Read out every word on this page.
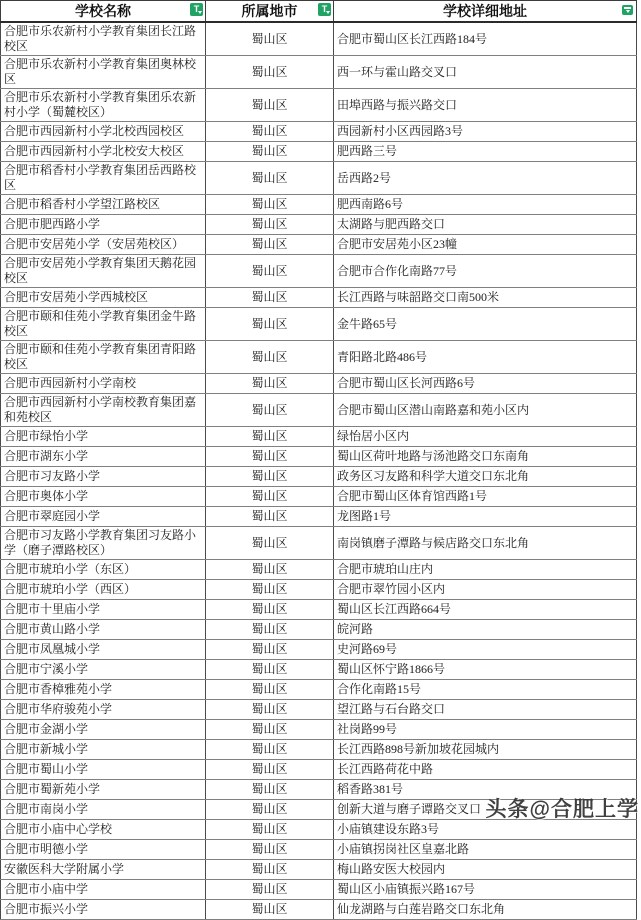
学校名称 T	所属地市 T	学校详细地址

合肥市乐农新村小学教育集团长江路校区	蜀山区	合肥市蜀山区长江西路184号	
合肥市乐农新村小学教育集团奥林校区	蜀山区	西一环与霍山路交叉口	
合肥市乐农新村小学教育集团乐农新村小学（蜀麓校区）	蜀山区	田埠西路与振兴路交口	
合肥市西园新村小学北校西园校区	蜀山区	西园新村小区西园路3号	
合肥市西园新村小学北校安大校区	蜀山区	肥西路三号	
合肥市稻香村小学教育集团岳西路校区	蜀山区	岳西路2号	
合肥市稻香村小学望江路校区	蜀山区	肥西南路6号	
合肥市肥西路小学	蜀山区	太湖路与肥西路交口	
合肥市安居苑小学（安居苑校区）	蜀山区	合肥市安居苑小区23幢	
合肥市安居苑小学教育集团天鹅花园校区	蜀山区	合肥市合作化南路77号	
合肥市安居苑小学西城校区	蜀山区	长江西路与味韶路交口南500米	
合肥市颐和佳苑小学教育集团金牛路校区	蜀山区	金牛路65号	
合肥市颐和佳苑小学教育集团青阳路校区	蜀山区	青阳路北路486号	
合肥市西园新村小学南校	蜀山区	合肥市蜀山区长河西路6号	
合肥市西园新村小学南校教育集团嘉和苑校区	蜀山区	合肥市蜀山区潜山南路嘉和苑小区内	
合肥市绿怡小学	蜀山区	绿怡居小区内	
合肥市湖东小学	蜀山区	蜀山区荷叶地路与汤池路交口东南角	
合肥市习友路小学	蜀山区	政务区习友路和科学大道交口东北角	
合肥市奥体小学	蜀山区	合肥市蜀山区体育馆西路1号	
合肥市翠庭园小学	蜀山区	龙图路1号	
合肥市习友路小学教育集团习友路小学（磨子潭路校区）	蜀山区	南岗镇磨子潭路与候店路交口东北角	
合肥市琥珀小学（东区）	蜀山区	合肥市琥珀山庄内	
合肥市琥珀小学（西区）	蜀山区	合肥市翠竹园小区内	
合肥市十里庙小学	蜀山区	蜀山区长江西路664号	
合肥市黄山路小学	蜀山区	皖河路	
合肥市凤凰城小学	蜀山区	史河路69号	
合肥市宁溪小学	蜀山区	蜀山区怀宁路1866号	
合肥市香樟雅苑小学	蜀山区	合作化南路15号	
合肥市华府骏苑小学	蜀山区	望江路与石台路交口	
合肥市金湖小学	蜀山区	社岗路99号	
合肥市新城小学	蜀山区	长江西路898号新加坡花园城内	
合肥市蜀山小学	蜀山区	长江西路荷花中路	
合肥市蜀新苑小学	蜀山区	稻香路381号	
合肥市南岗小学	蜀山区	创新大道与磨子谭路交叉口	
合肥市小庙中心学校	蜀山区	小庙镇建设东路3号	
合肥市明德小学	蜀山区	小庙镇拐岗社区皇嘉北路	
安徽医科大学附属小学	蜀山区	梅山路安医大校园内	
合肥市小庙中学	蜀山区	蜀山区小庙镇振兴路167号	
合肥市振兴小学	蜀山区	仙龙湖路与白莲岩路交口东北角	
头条@合肥上学
